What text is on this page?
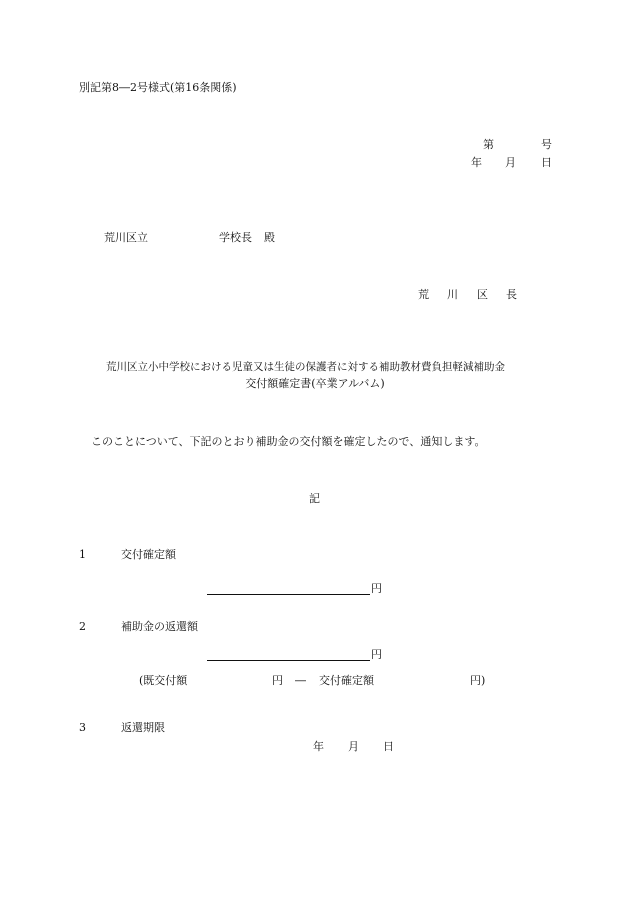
別記第8―2号様式(第16条関係)
第	号
年 月 日
荒川区立	学校長 殿
荒 川 区 長
荒川区立小中学校における児童又は生徒の保護者に対する補助教材費負担軽減補助金
交付額確定書(卒業アルバム)
このことについて、下記のとおり補助金の交付額を確定したので、通知します。
記
1	交付確定額
円
2	補助金の返還額
円
(既交付額	円 ― 交付確定額	円)
3	返還期限
年 月 日
